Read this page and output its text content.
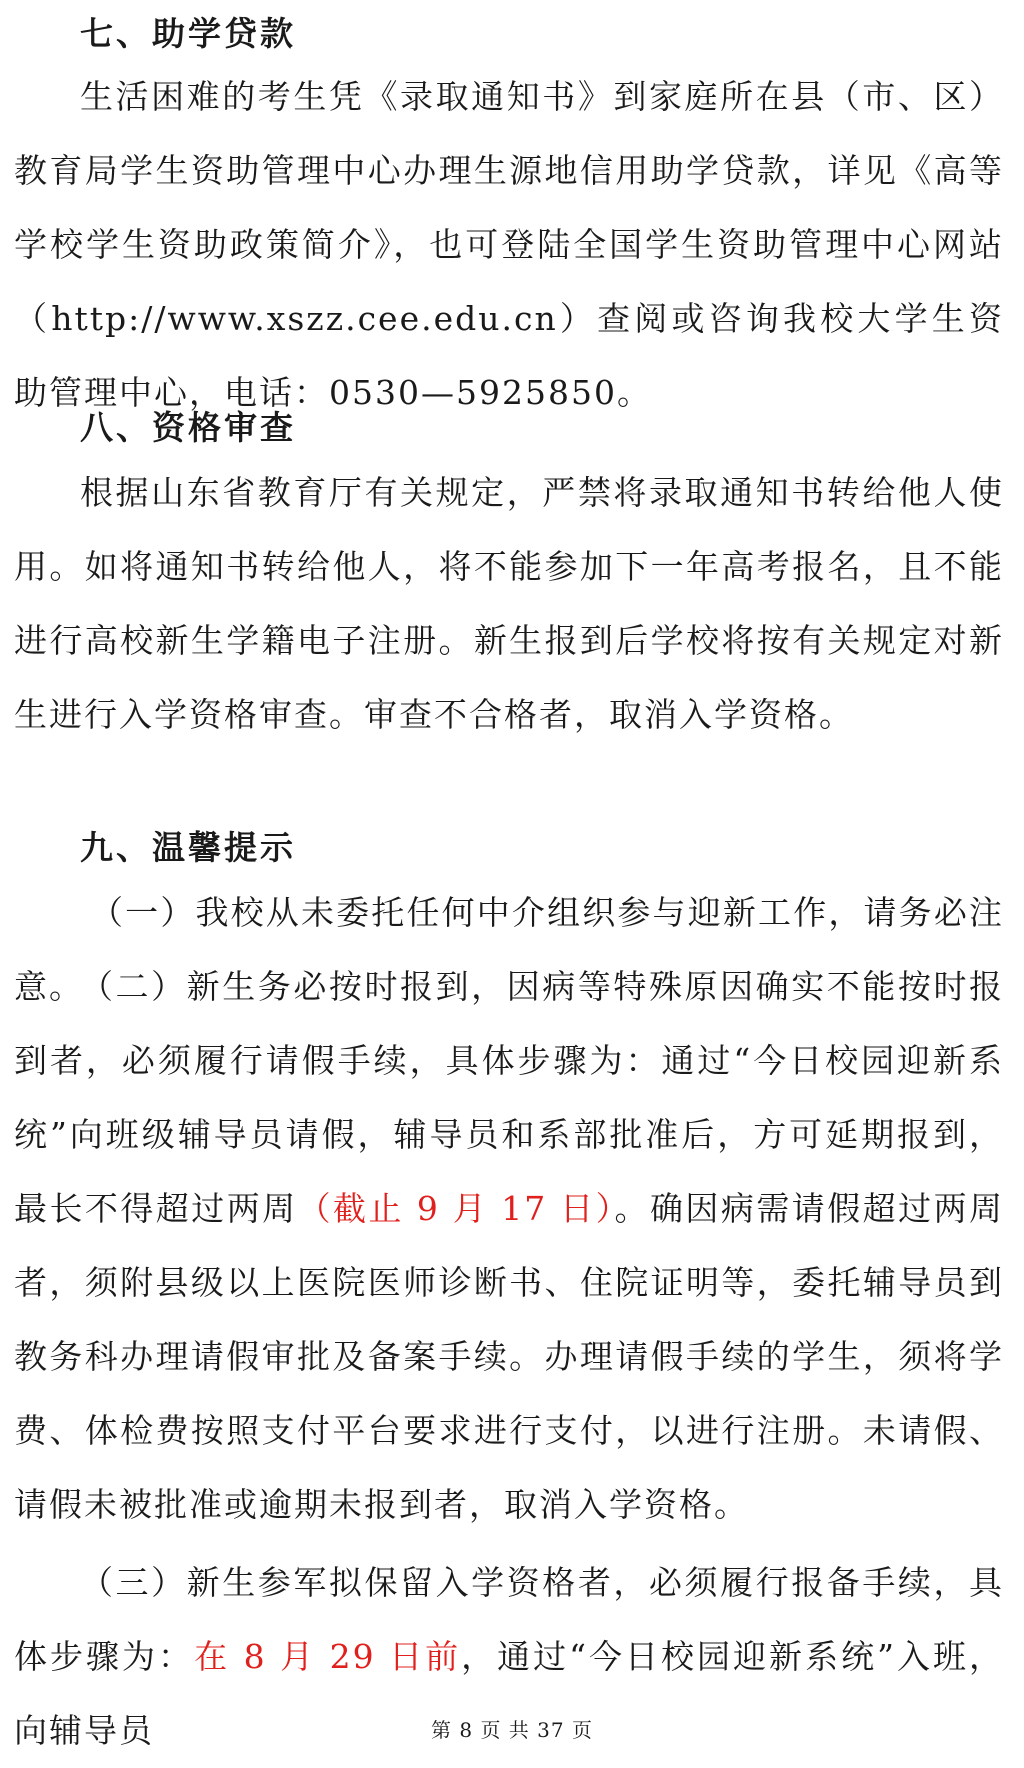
七、助学贷款

生活困难的考生凭《录取通知书》到家庭所在县（市、区）教育局学生资助管理中心办理生源地信用助学贷款，详见《高等学校学生资助政策简介》，也可登陆全国学生资助管理中心网站（http://www.xszz.cee.edu.cn）查阅或咨询我校大学生资助管理中心，电话：0530—5925850。

八、资格审查

根据山东省教育厅有关规定，严禁将录取通知书转给他人使用。如将通知书转给他人，将不能参加下一年高考报名，且不能进行高校新生学籍电子注册。新生报到后学校将按有关规定对新生进行入学资格审查。审查不合格者，取消入学资格。

九、温馨提示

（一）我校从未委托任何中介组织参与迎新工作，请务必注意。

（二）新生务必按时报到，因病等特殊原因确实不能按时报到者，必须履行请假手续，具体步骤为：通过“今日校园迎新系统”向班级辅导员请假，辅导员和系部批准后，方可延期报到，最长不得超过两周（截止 9 月 17 日）。确因病需请假超过两周者，须附县级以上医院医师诊断书、住院证明等，委托辅导员到教务科办理请假审批及备案手续。办理请假手续的学生，须将学费、体检费按照支付平台要求进行支付，以进行注册。未请假、请假未被批准或逾期未报到者，取消入学资格。

（三）新生参军拟保留入学资格者，必须履行报备手续，具体步骤为：在 8 月 29 日前，通过“今日校园迎新系统”入班，向辅导员	第 8 页 共 37 页
